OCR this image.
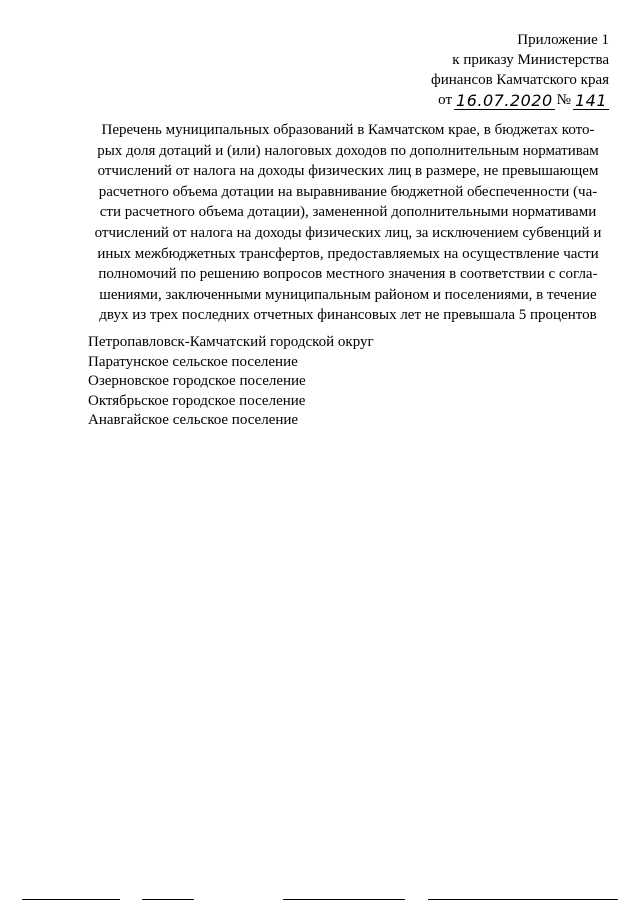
Приложение 1
к приказу Министерства
финансов Камчатского края
от 16.07.2020 № 141
Перечень муниципальных образований в Камчатском крае, в бюджетах кото-
рых доля дотаций и (или) налоговых доходов по дополнительным нормативам
отчислений от налога на доходы физических лиц в размере, не превышающем
расчетного объема дотации на выравнивание бюджетной обеспеченности (ча-
сти расчетного объема дотации), замененной дополнительными нормативами
отчислений от налога на доходы физических лиц, за исключением субвенций и
иных межбюджетных трансфертов, предоставляемых на осуществление части
полномочий по решению вопросов местного значения в соответствии с согла-
шениями, заключенными муниципальным районом и поселениями, в течение
двух из трех последних отчетных финансовых лет не превышала 5 процентов
Петропавловск-Камчатский городской округ
Паратунское сельское поселение
Озерновское городское поселение
Октябрьское городское поселение
Анавгайское сельское поселение
